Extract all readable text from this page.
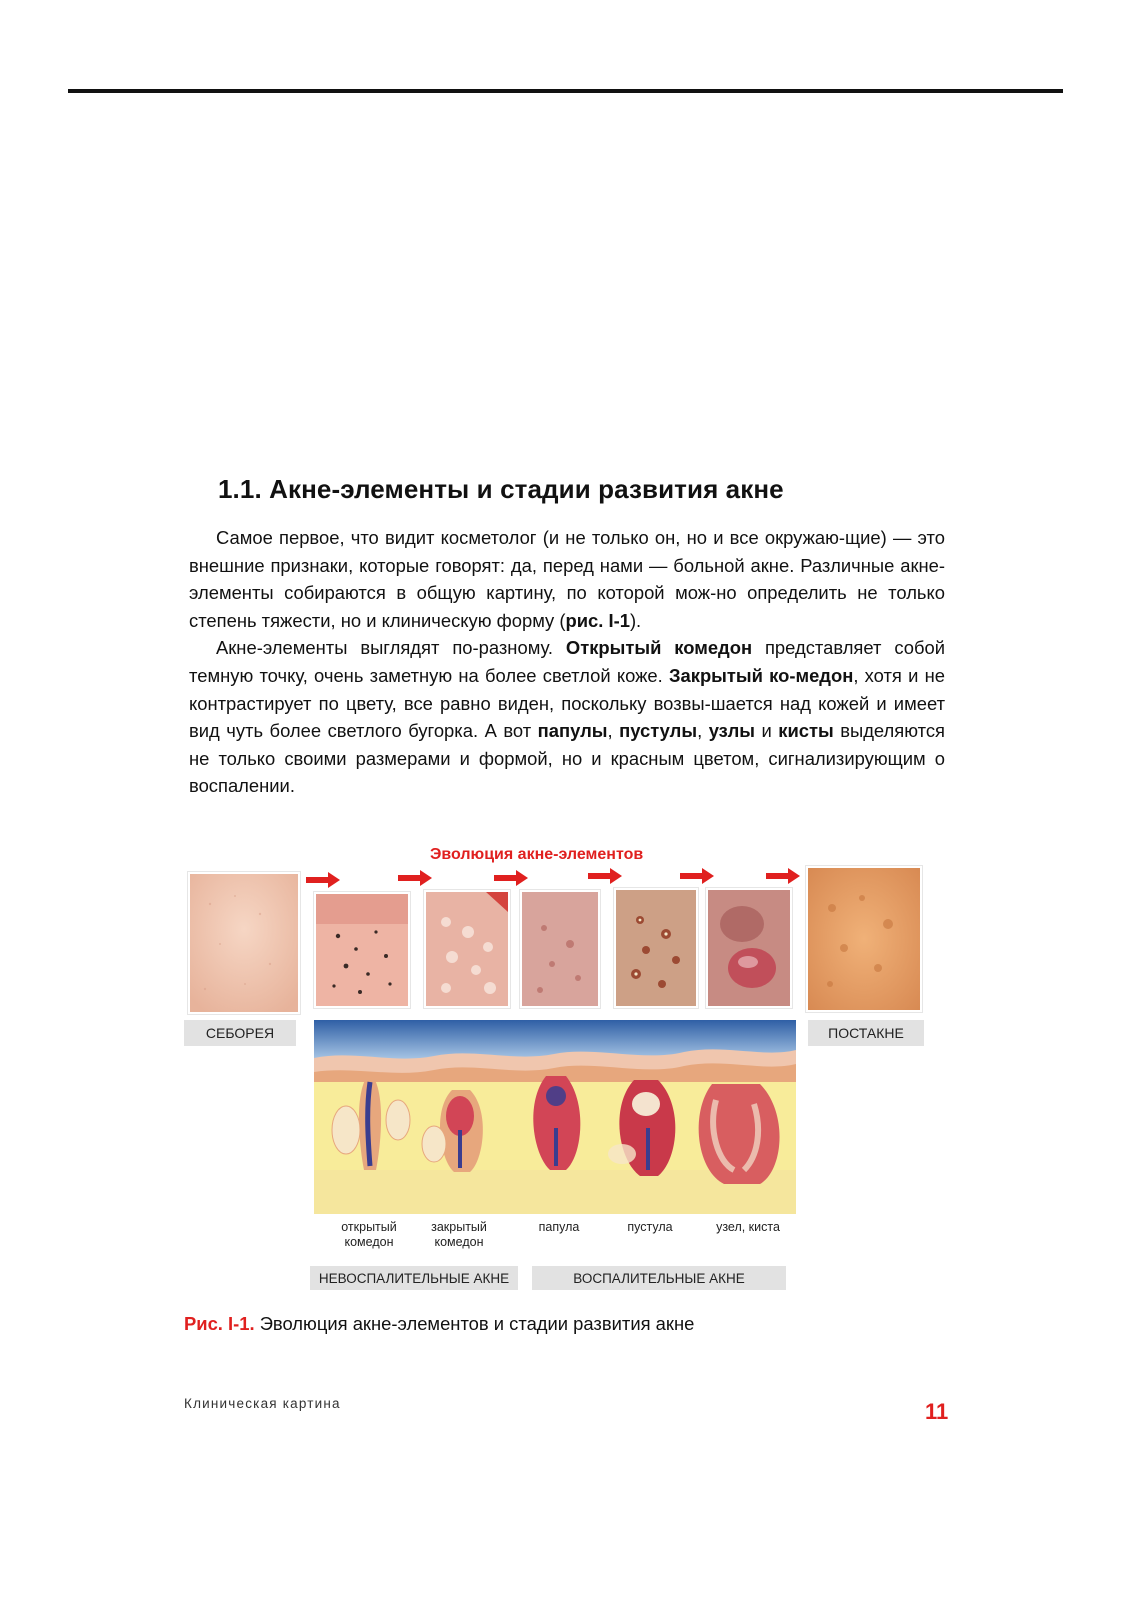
1.1. Акне-элементы и стадии развития акне

Самое первое, что видит косметолог (и не только он, но и все окружаю-щие) — это внешние признаки, которые говорят: да, перед нами — больной акне. Различные акне-элементы собираются в общую картину, по которой мож-но определить не только степень тяжести, но и клиническую форму (рис. I-1).

Акне-элементы выглядят по-разному. Открытый комедон представляет собой темную точку, очень заметную на более светлой коже. Закрытый ко-медон, хотя и не контрастирует по цвету, все равно виден, поскольку возвы-шается над кожей и имеет вид чуть более светлого бугорка. А вот папулы, пустулы, узлы и кисты выделяются не только своими размерами и формой, но и красным цветом, сигнализирующим о воспалении.

Эволюция акне-элементов
СЕБОРЕЯ	ПОСТАКНЕ
открытый комедон
закрытый комедон
папула	пустула	узел, киста
НЕВОСПАЛИТЕЛЬНЫЕ АКНЕ	ВОСПАЛИТЕЛЬНЫЕ АКНЕ

Рис. I-1. Эволюция акне-элементов и стадии развития акне

Клиническая картина	11
